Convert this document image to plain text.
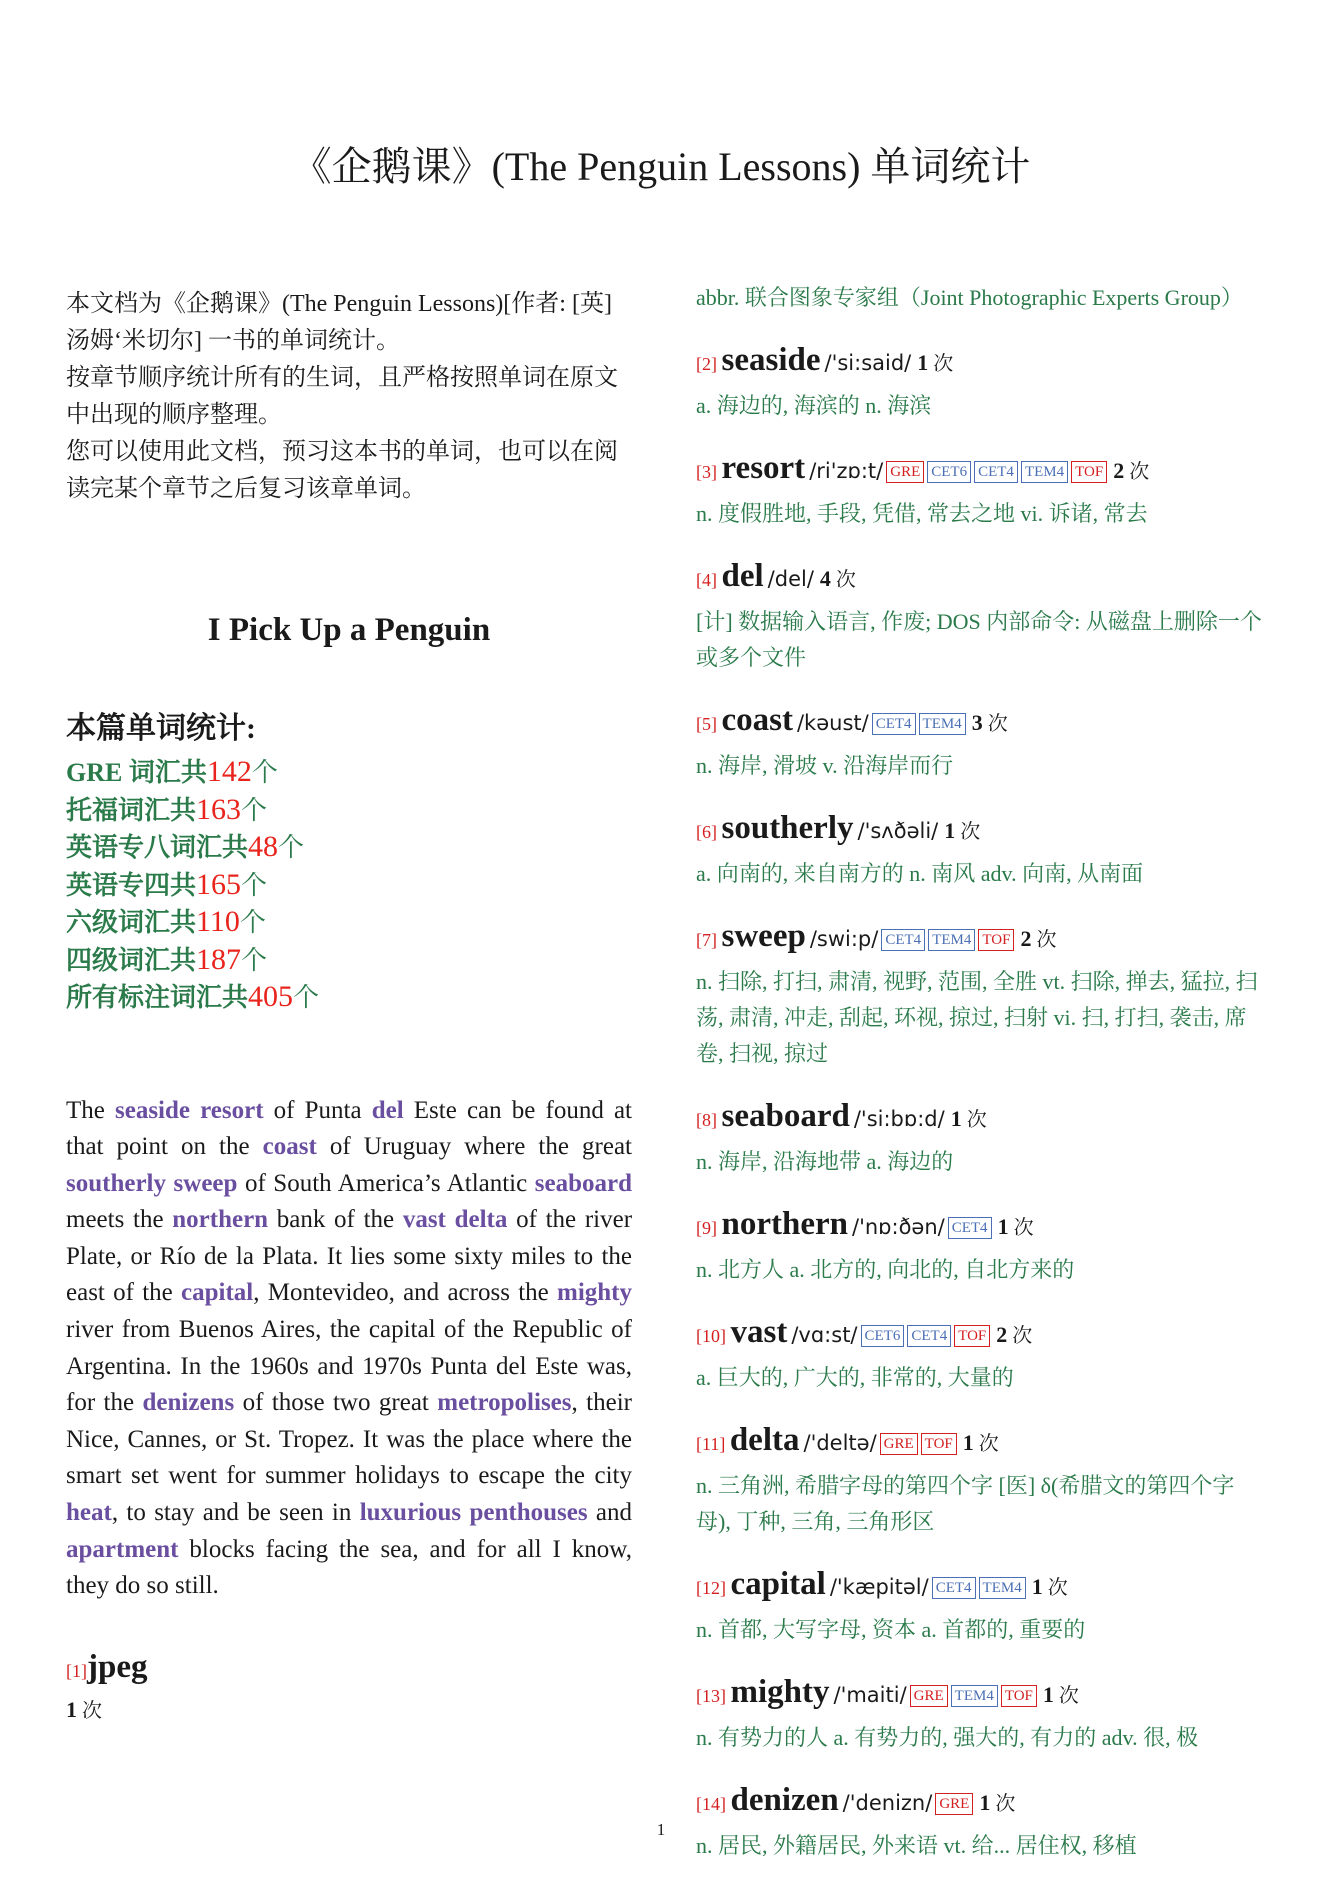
《企鹅课》(The Penguin Lessons) 单词统计

本文档为《企鹅课》(The Penguin Lessons)[作者: [英] 汤姆‘米切尔] 一书的单词统计。

按章节顺序统计所有的生词，且严格按照单词在原文中出现的顺序整理。

您可以使用此文档，预习这本书的单词，也可以在阅读完某个章节之后复习该章单词。

I Pick Up a Penguin
本篇单词统计:
GRE 词汇共142个
托福词汇共163个
英语专八词汇共48个
英语专四共165个
六级词汇共110个
四级词汇共187个
所有标注词汇共405个
The seaside resort of Punta del Este can be found at that point on the coast of Uruguay where the great southerly sweep of South America’s Atlantic seaboard meets the northern bank of the vast delta of the river Plate, or Río de la Plata. It lies some sixty miles to the east of the capital, Montevideo, and across the mighty river from Buenos Aires, the capital of the Republic of Argentina. In the 1960s and 1970s Punta del Este was, for the denizens of those two great metropolises, their Nice, Cannes, or St. Tropez. It was the place where the smart set went for summer holidays to escape the city heat, to stay and be seen in luxurious penthouses and apartment blocks facing the sea, and for all I know, they do so still.
[1]jpeg
1 次
abbr. 联合图象专家组（Joint Photographic Experts Group）
[2] seaside /'si:said/ 1 次
a. 海边的, 海滨的 n. 海滨
[3] resort /ri'zɒ:t/ GRE CET6 CET4 TEM4 TOF 2 次
n. 度假胜地, 手段, 凭借, 常去之地 vi. 诉诸, 常去
[4] del /del/ 4 次
[计] 数据输入语言, 作废; DOS 内部命令: 从磁盘上删除一个或多个文件
[5] coast /kəust/ CET4 TEM4 3 次
n. 海岸, 滑坡 v. 沿海岸而行
[6] southerly /'sʌðəli/ 1 次
a. 向南的, 来自南方的 n. 南风 adv. 向南, 从南面
[7] sweep /swi:p/ CET4 TEM4 TOF 2 次
n. 扫除, 打扫, 肃清, 视野, 范围, 全胜 vt. 扫除, 掸去, 猛拉, 扫荡, 肃清, 冲走, 刮起, 环视, 掠过, 扫射 vi. 扫, 打扫, 袭击, 席卷, 扫视, 掠过
[8] seaboard /'si:bɒ:d/ 1 次
n. 海岸, 沿海地带 a. 海边的
[9] northern /'nɒ:ðən/ CET4 1 次
n. 北方人 a. 北方的, 向北的, 自北方来的
[10] vast /vɑ:st/ CET6 CET4 TOF 2 次
a. 巨大的, 广大的, 非常的, 大量的
[11] delta /'deltə/ GRE TOF 1 次
n. 三角洲, 希腊字母的第四个字 [医] δ(希腊文的第四个字母), 丁种, 三角, 三角形区
[12] capital /'kæpitəl/ CET4 TEM4 1 次
n. 首都, 大写字母, 资本 a. 首都的, 重要的
[13] mighty /'maiti/ GRE TEM4 TOF 1 次
n. 有势力的人 a. 有势力的, 强大的, 有力的 adv. 很, 极
[14] denizen /'denizn/ GRE 1 次
n. 居民, 外籍居民, 外来语 vt. 给... 居住权, 移植
1
